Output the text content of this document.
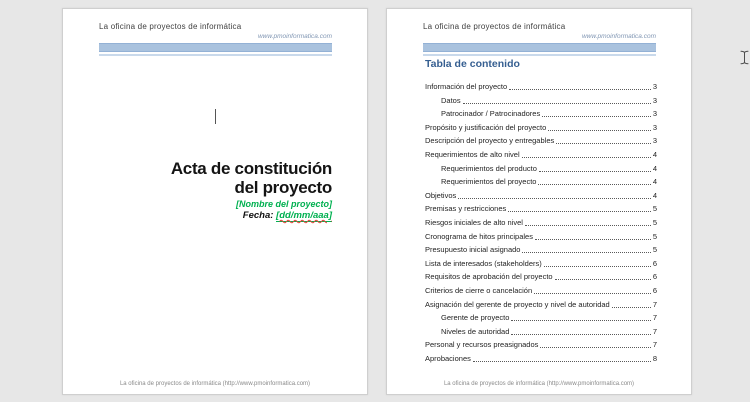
La oficina de proyectos de informática
www.pmoinformatica.com
Acta de constitución
del proyecto
[Nombre del proyecto]
Fecha: [dd/mm/aaa]
La oficina de proyectos de informática (http://www.pmoinformatica.com)
La oficina de proyectos de informática
www.pmoinformatica.com
Tabla de contenido
Información del proyecto	3
Datos	3
Patrocinador / Patrocinadores	3
Propósito y justificación del proyecto	3
Descripción del proyecto y entregables	3
Requerimientos de alto nivel	4
Requerimientos del producto	4
Requerimientos del proyecto	4
Objetivos	4
Premisas y restricciones	5
Riesgos iniciales de alto nivel	5
Cronograma de hitos principales	5
Presupuesto inicial asignado	5
Lista de interesados (stakeholders)	6
Requisitos de aprobación del proyecto	6
Criterios de cierre o cancelación	6
Asignación del gerente de proyecto y nivel de autoridad	7
Gerente de proyecto	7
Niveles de autoridad	7
Personal y recursos preasignados	7
Aprobaciones	8
La oficina de proyectos de informática (http://www.pmoinformatica.com)
